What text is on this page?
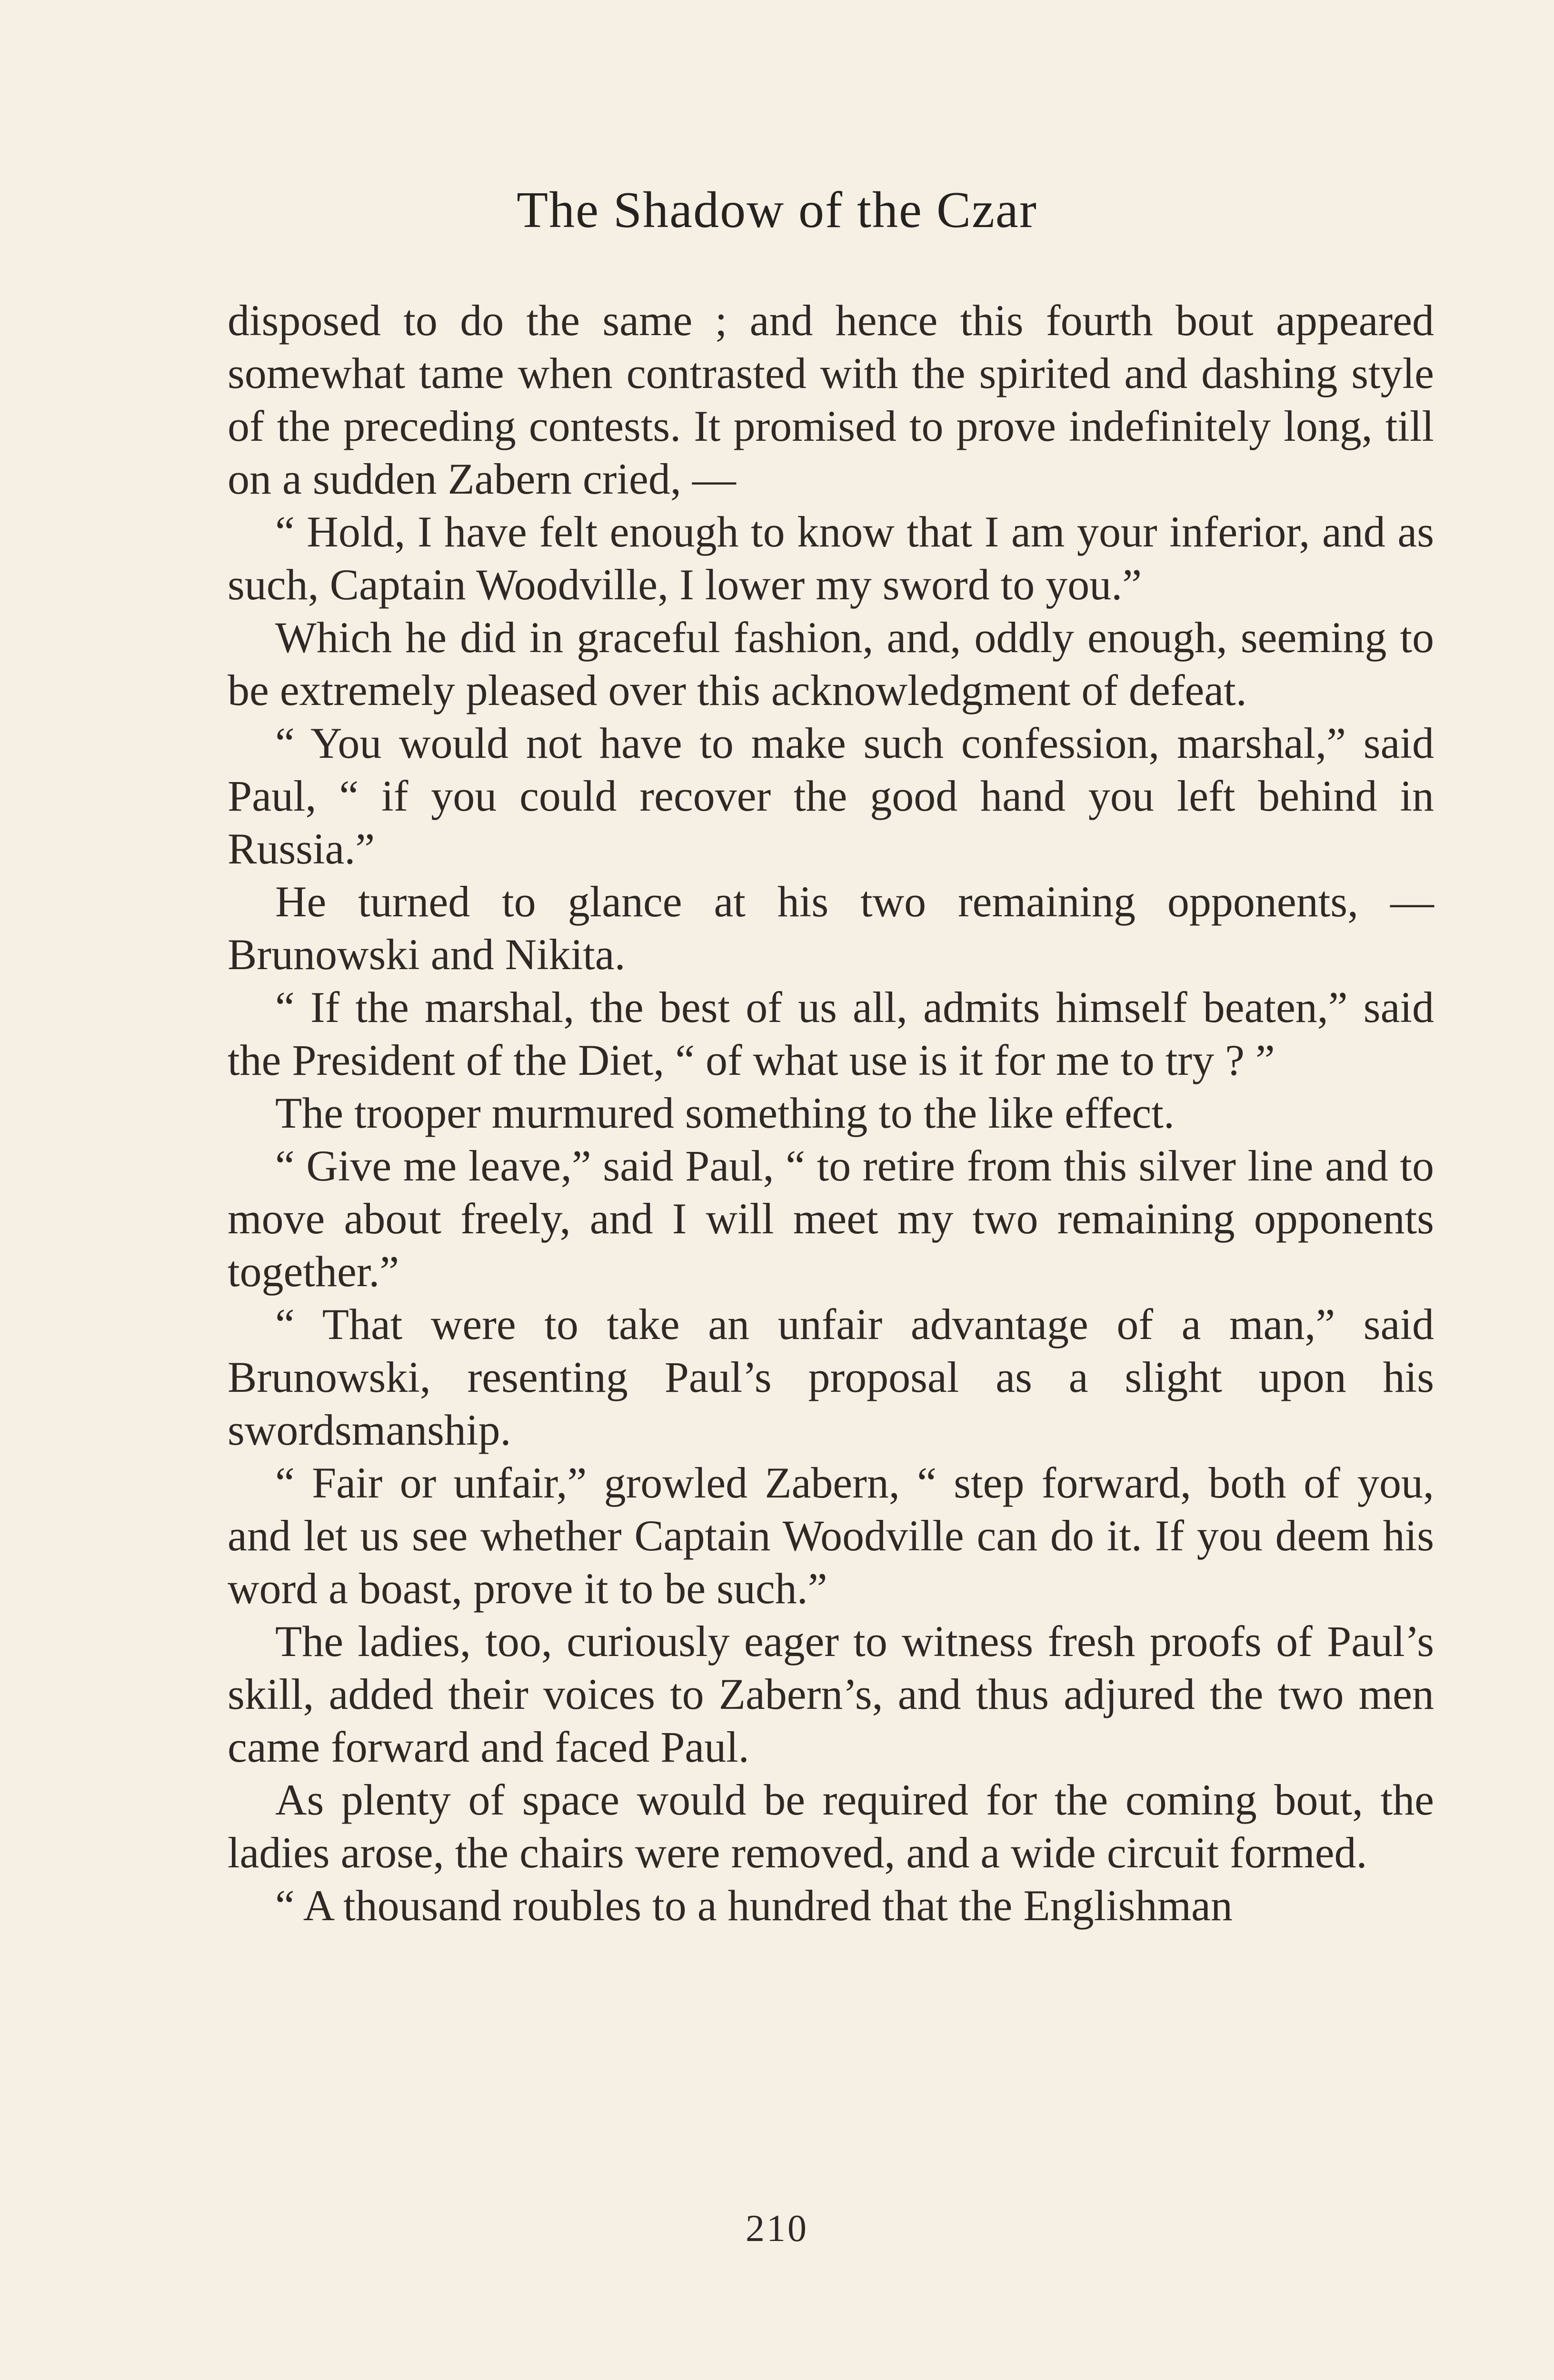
The Shadow of the Czar

disposed to do the same ; and hence this fourth bout appeared somewhat tame when contrasted with the spirited and dashing style of the preceding contests. It promised to prove indefinitely long, till on a sudden Zabern cried, —

“ Hold, I have felt enough to know that I am your inferior, and as such, Captain Woodville, I lower my sword to you.”

Which he did in graceful fashion, and, oddly enough, seeming to be extremely pleased over this acknowledgment of defeat.

“ You would not have to make such confession, marshal,” said Paul, “ if you could recover the good hand you left behind in Russia.”

He turned to glance at his two remaining opponents, — Brunowski and Nikita.

“ If the marshal, the best of us all, admits himself beaten,” said the President of the Diet, “ of what use is it for me to try ? ”

The trooper murmured something to the like effect.

“ Give me leave,” said Paul, “ to retire from this silver line and to move about freely, and I will meet my two remaining opponents together.”

“ That were to take an unfair advantage of a man,” said Brunowski, resenting Paul’s proposal as a slight upon his swordsmanship.

“ Fair or unfair,” growled Zabern, “ step forward, both of you, and let us see whether Captain Woodville can do it. If you deem his word a boast, prove it to be such.”

The ladies, too, curiously eager to witness fresh proofs of Paul’s skill, added their voices to Zabern’s, and thus adjured the two men came forward and faced Paul.

As plenty of space would be required for the coming bout, the ladies arose, the chairs were removed, and a wide circuit formed.

“ A thousand roubles to a hundred that the Englishman

210
